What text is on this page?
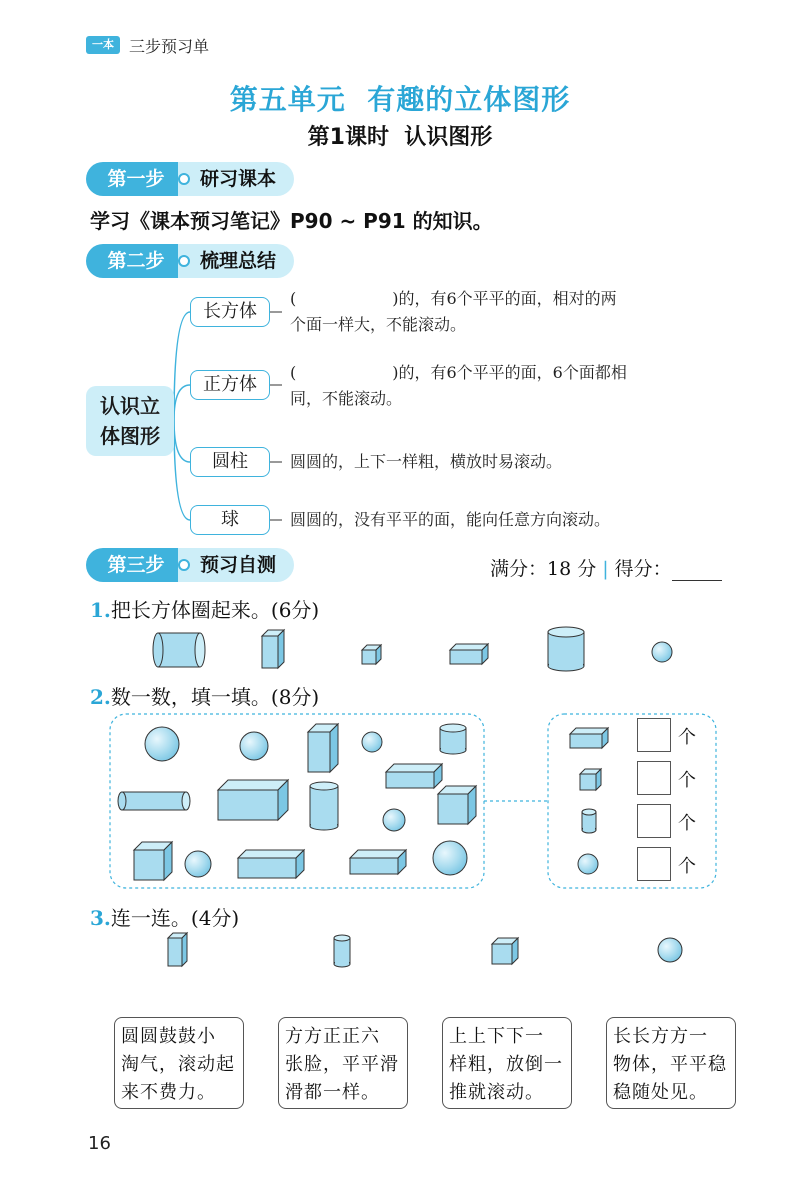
一本 三步预习单
第五单元  有趣的立体图形
第1课时  认识图形
第一步	研习课本
学习《课本预习笔记》P90 ~ P91 的知识。
第二步	梳理总结
认识立
体图形
长方体
(	)的，有6个平平的面，相对的两
个面一样大，不能滚动。
正方体
(	)的，有6个平平的面，6个面都相
同，不能滚动。
圆柱	圆圆的，上下一样粗，横放时易滚动。
球	圆圆的，没有平平的面，能向任意方向滚动。
第三步	预习自测	满分：18 分 | 得分：
1.把长方体圈起来。(6分)
2.数一数，填一填。(8分)
个
个
个
个
3.连一连。(4分)
圆圆鼓鼓小
淘气，滚动起
来不费力。
方方正正六
张脸，平平滑
滑都一样。
上上下下一
样粗，放倒一
推就滚动。
长长方方一
物体，平平稳
稳随处见。
16
